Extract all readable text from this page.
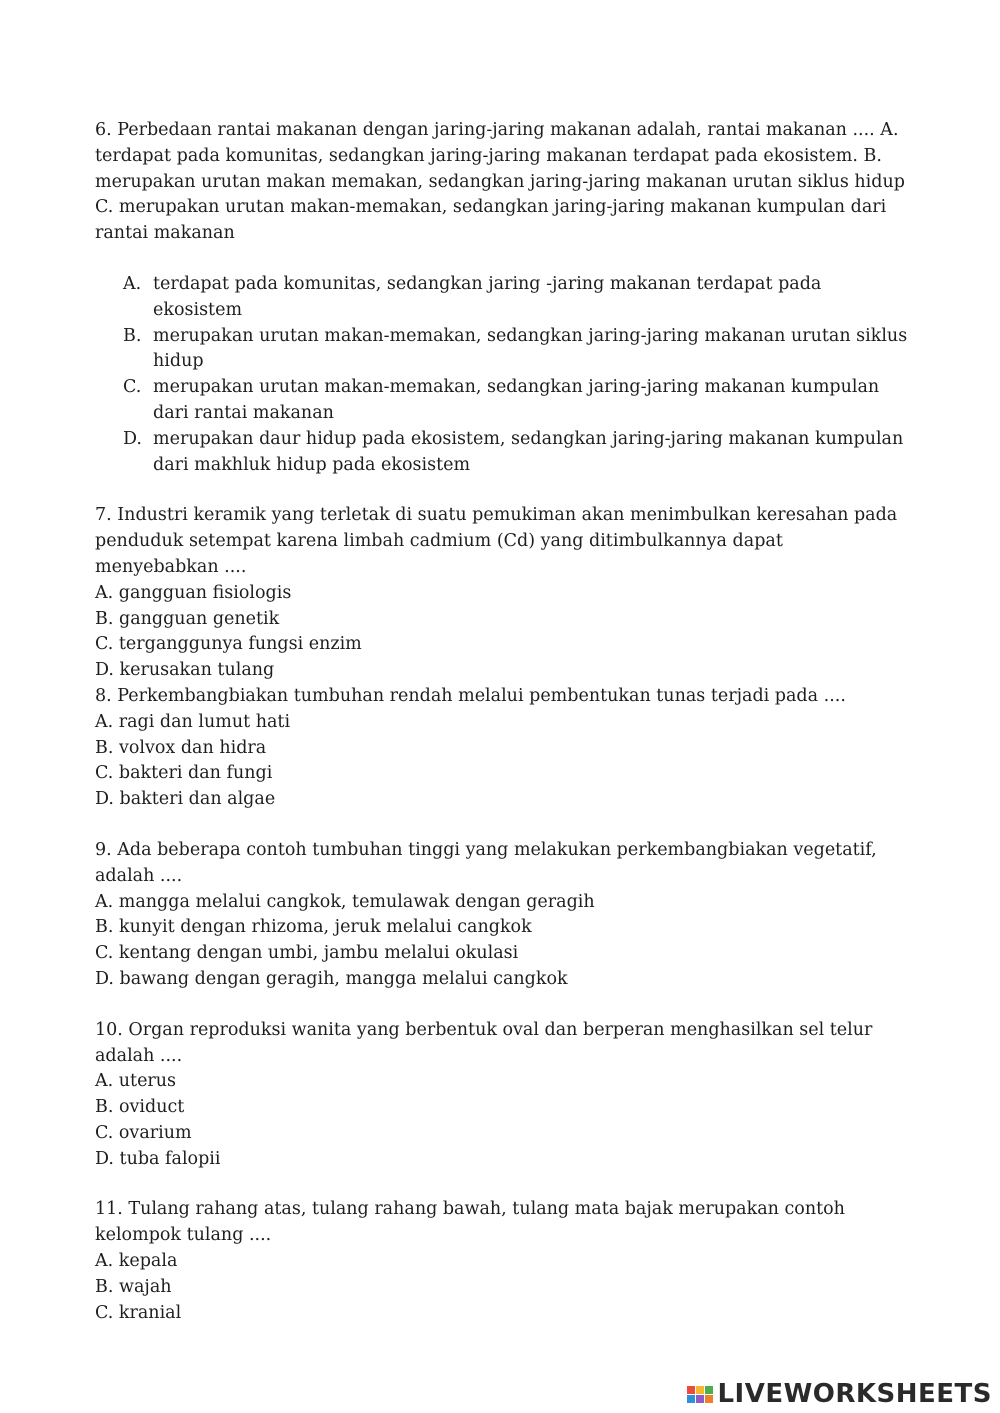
6. Perbedaan rantai makanan dengan jaring-jaring makanan adalah, rantai makanan .... A. terdapat pada komunitas, sedangkan jaring-jaring makanan terdapat pada ekosistem. B. merupakan urutan makan memakan, sedangkan jaring-jaring makanan urutan siklus hidup C. merupakan urutan makan-memakan, sedangkan jaring-jaring makanan kumpulan dari rantai makanan

A. terdapat pada komunitas, sedangkan jaring -jaring makanan terdapat pada ekosistem
B. merupakan urutan makan-memakan, sedangkan jaring-jaring makanan urutan siklus hidup
C. merupakan urutan makan-memakan, sedangkan jaring-jaring makanan kumpulan dari rantai makanan
D. merupakan daur hidup pada ekosistem, sedangkan jaring-jaring makanan kumpulan dari makhluk hidup pada ekosistem

7. Industri keramik yang terletak di suatu pemukiman akan menimbulkan keresahan pada penduduk setempat karena limbah cadmium (Cd) yang ditimbulkannya dapat menyebabkan ....

A. gangguan fisiologis

B. gangguan genetik

C. terganggunya fungsi enzim

D. kerusakan tulang

8. Perkembangbiakan tumbuhan rendah melalui pembentukan tunas terjadi pada ....

A. ragi dan lumut hati

B. volvox dan hidra

C. bakteri dan fungi

D. bakteri dan algae

9. Ada beberapa contoh tumbuhan tinggi yang melakukan perkembangbiakan vegetatif, adalah ....

A. mangga melalui cangkok, temulawak dengan geragih

B. kunyit dengan rhizoma, jeruk melalui cangkok

C. kentang dengan umbi, jambu melalui okulasi

D. bawang dengan geragih, mangga melalui cangkok

10. Organ reproduksi wanita yang berbentuk oval dan berperan menghasilkan sel telur adalah ....

A. uterus

B. oviduct

C. ovarium

D. tuba falopii

11. Tulang rahang atas, tulang rahang bawah, tulang mata bajak merupakan contoh kelompok tulang ....

A. kepala

B. wajah

C. kranial

LIVEWORKSHEETS
